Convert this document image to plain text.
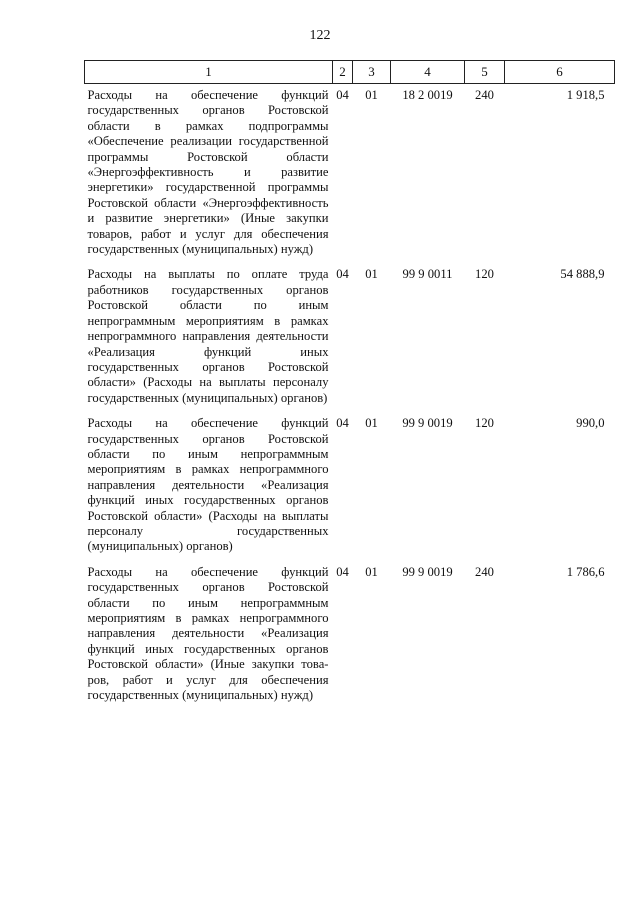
122
1	2	3	4	5	6
Расходы на обеспечение функций государственных органов Ростовской области в рамках подпрограммы «Обеспечение реализации государственной программы Ростовской области «Энергоэффективность и развитие энергетики» государственной программы Ростовской области «Энергоэффективность и развитие энергетики» (Иные закупки товаров, работ и услуг для обеспечения государственных (муниципальных) нужд)	04	01	18 2 0019	240	1 918,5
Расходы на выплаты по оплате труда работников государственных органов Ростовской области по иным непрограммным мероприятиям в рамках непрограммного направления деятельности «Реализация функций иных государственных органов Ростовской области» (Расходы на выплаты персоналу государственных (муниципальных) органов)	04	01	99 9 0011	120	54 888,9
Расходы на обеспечение функций государственных органов Ростовской области по иным непрограммным мероприятиям в рамках непрограммного направления деятельности «Реализация функций иных государственных органов Ростовской области» (Расходы на выплаты персоналу государственных (муниципальных) органов)	04	01	99 9 0019	120	990,0
Расходы на обеспечение функций государственных органов Ростовской области по иным непрограммным мероприятиям в рамках непрограммного направления деятельности «Реализация функций иных государственных органов Ростовской области» (Иные закупки товаров, работ и услуг для обеспечения государственных (муниципальных) нужд)	04	01	99 9 0019	240	1 786,6
